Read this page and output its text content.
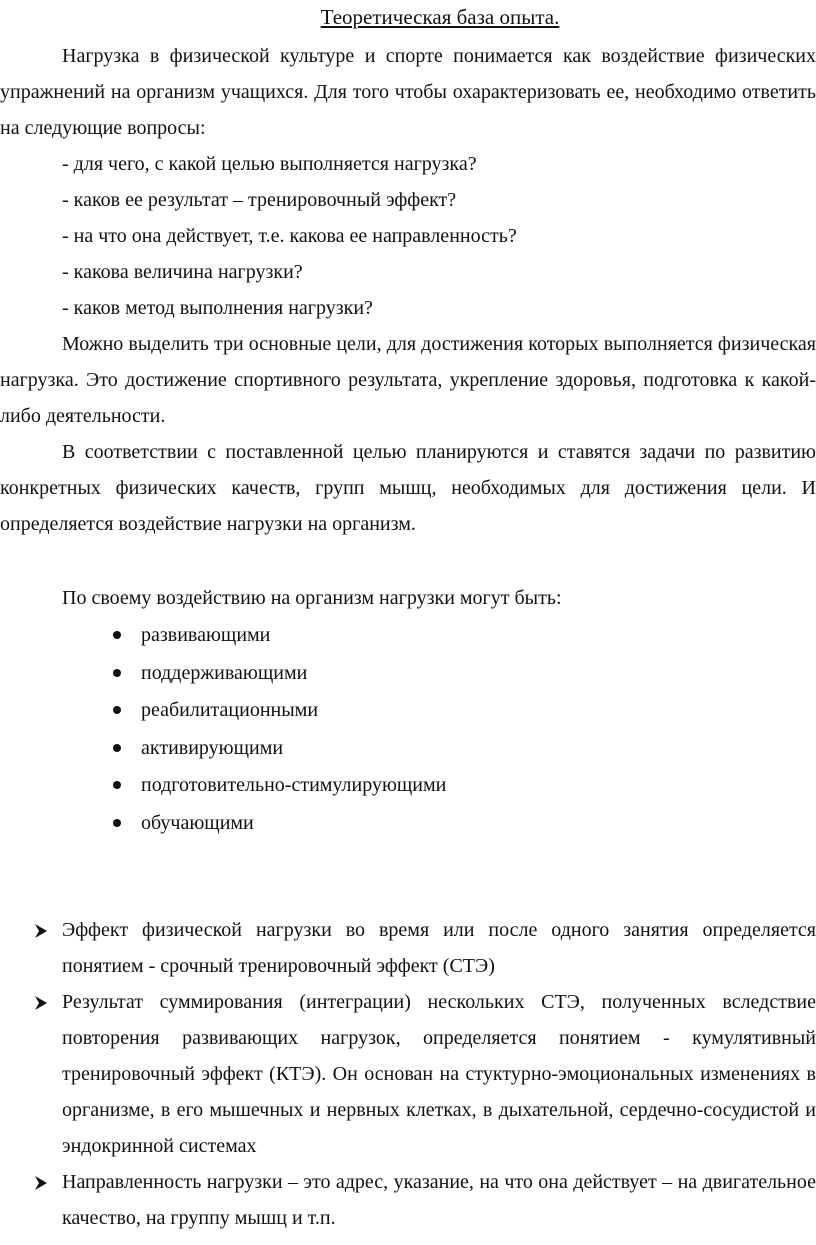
Теоретическая база опыта.

Нагрузка в физической культуре и спорте понимается как воздействие физических упражнений на организм учащихся. Для того чтобы охарактеризовать ее, необходимо ответить на следующие вопросы:

- для чего, с какой целью выполняется нагрузка?
- каков ее результат – тренировочный эффект?
- на что она действует, т.е. какова ее направленность?
- какова величина нагрузки?
- каков метод выполнения нагрузки?

Можно выделить три основные цели, для достижения которых выполняется физическая нагрузка. Это достижение спортивного результата, укрепление здоровья, подготовка к какой-либо деятельности.

В соответствии с поставленной целью планируются и ставятся задачи по развитию конкретных физических качеств, групп мышц, необходимых для достижения цели. И определяется воздействие нагрузки на организм.

По своему воздействию на организм нагрузки могут быть:
развивающими
поддерживающими
реабилитационными
активирующими
подготовительно-стимулирующими
обучающими
Эффект физической нагрузки во время или после одного занятия определяется понятием - срочный тренировочный эффект (СТЭ)
Результат суммирования (интеграции) нескольких СТЭ, полученных вследствие повторения развивающих нагрузок, определяется понятием - кумулятивный тренировочный эффект (КТЭ). Он основан на стуктурно-эмоциональных изменениях в организме, в его мышечных и нервных клетках, в дыхательной, сердечно-сосудистой и эндокринной системах
Направленность нагрузки – это адрес, указание, на что она действует – на двигательное качество, на группу мышц и т.п.
